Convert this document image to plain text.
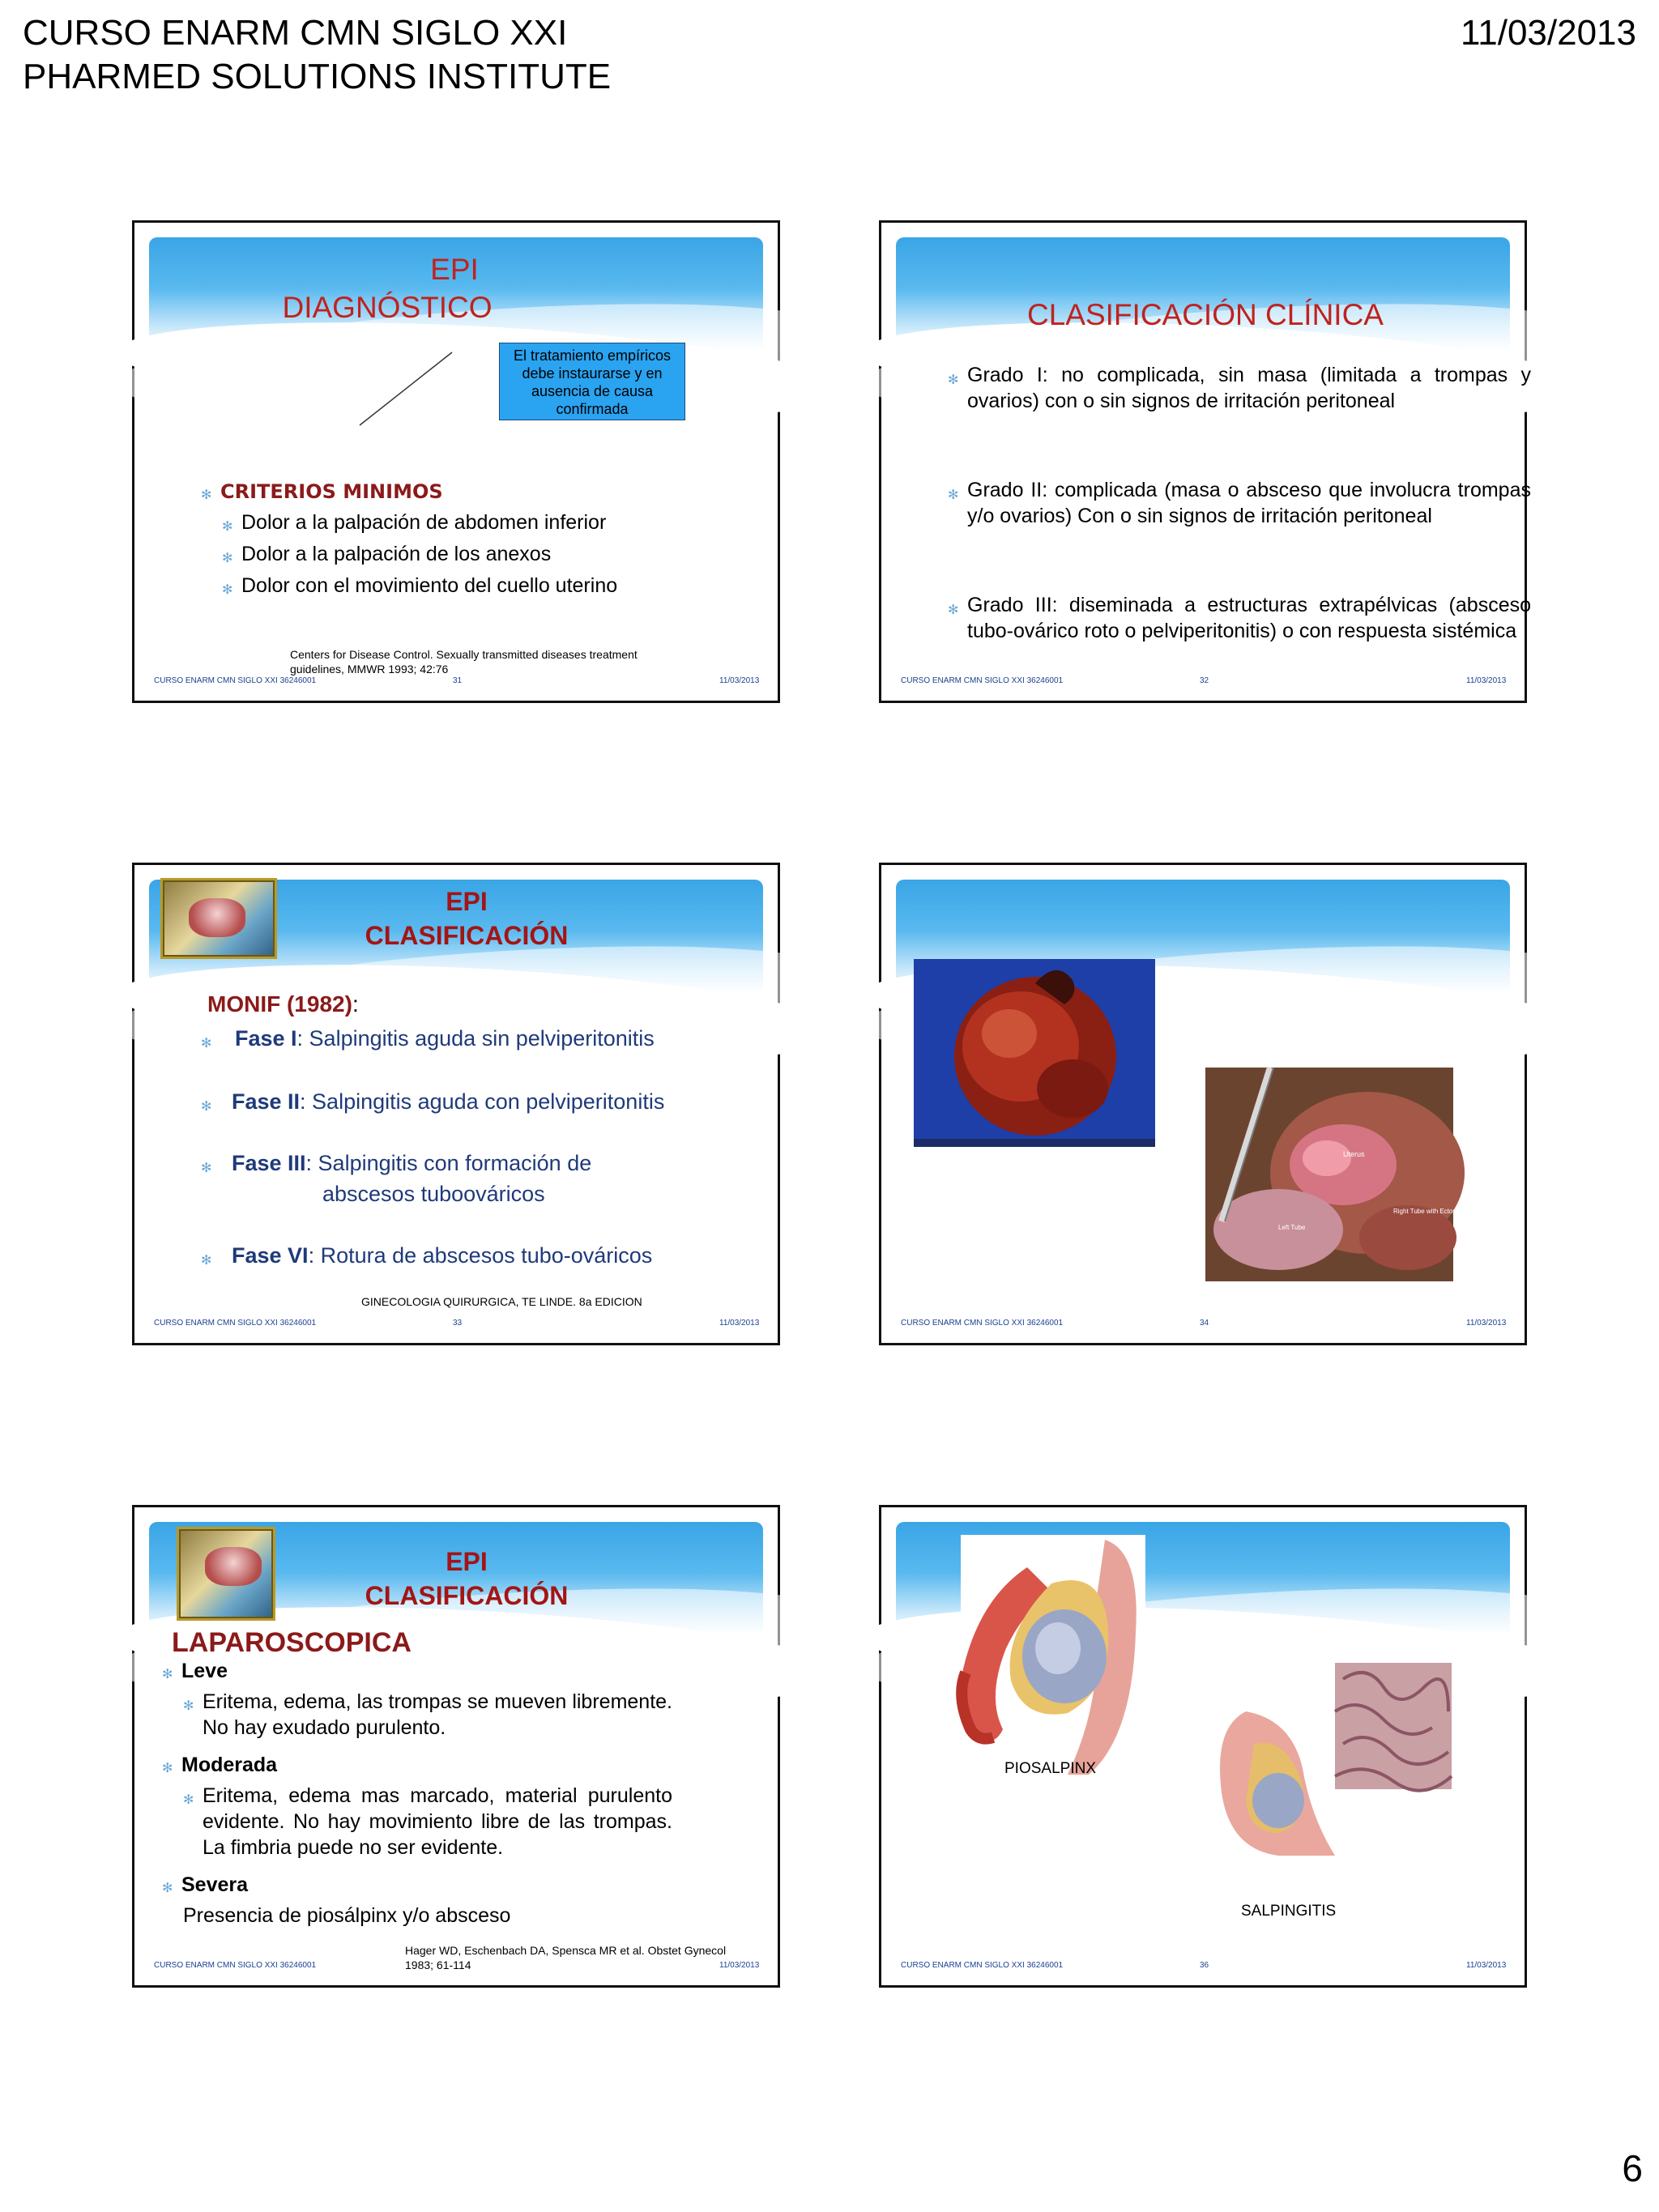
CURSO ENARM CMN SIGLO XXI
PHARMED SOLUTIONS INSTITUTE
11/03/2013
EPI
DIAGNÓSTICO
El tratamiento empíricos debe instaurarse y en ausencia de causa confirmada
✻ CRITERIOS MINIMOS
✻ Dolor a la palpación de abdomen inferior
✻ Dolor a la palpación de los anexos
✻ Dolor con el movimiento del cuello uterino
Centers for Disease Control. Sexually transmitted diseases treatment guidelines, MMWR 1993; 42:76
CURSO ENARM CMN SIGLO XXI 36246001	31	11/03/2013
CLASIFICACIÓN CLÍNICA
✻ Grado I: no complicada, sin masa (limitada a trompas y ovarios) con o sin signos de irritación peritoneal
✻ Grado II: complicada (masa o absceso que involucra trompas y/o ovarios) Con o sin signos de irritación peritoneal
✻ Grado III: diseminada a estructuras extrapélvicas (absceso tubo-ovárico roto o pelviperitonitis) o con respuesta sistémica
CURSO ENARM CMN SIGLO XXI 36246001	32	11/03/2013
EPI
CLASIFICACIÓN
MONIF (1982):
✻ Fase I: Salpingitis aguda sin pelviperitonitis
✻ Fase II: Salpingitis aguda con pelviperitonitis
✻ Fase III: Salpingitis con formación de
abscesos tuboováricos
✻ Fase VI: Rotura de abscesos tubo-ováricos
GINECOLOGIA QUIRURGICA, TE LINDE. 8a EDICION
CURSO ENARM CMN SIGLO XXI 36246001	33	11/03/2013
Uterus
Right Tube with Ectopic Pregnancy
Left Tube
CURSO ENARM CMN SIGLO XXI 36246001	34	11/03/2013
EPI
CLASIFICACIÓN
LAPAROSCOPICA
✻ Leve
✻ Eritema, edema, las trompas se mueven libremente. No hay exudado purulento.
✻ Moderada
✻ Eritema, edema mas marcado, material purulento evidente. No hay movimiento libre de las trompas. La fimbria puede no ser evidente.
✻ Severa
Presencia de piosálpinx y/o absceso
Hager WD, Eschenbach DA, Spensca MR et al. Obstet Gynecol 1983; 61-114
CURSO ENARM CMN SIGLO XXI 36246001	11/03/2013
PIOSALPINX
SALPINGITIS
CURSO ENARM CMN SIGLO XXI 36246001	36	11/03/2013
6
